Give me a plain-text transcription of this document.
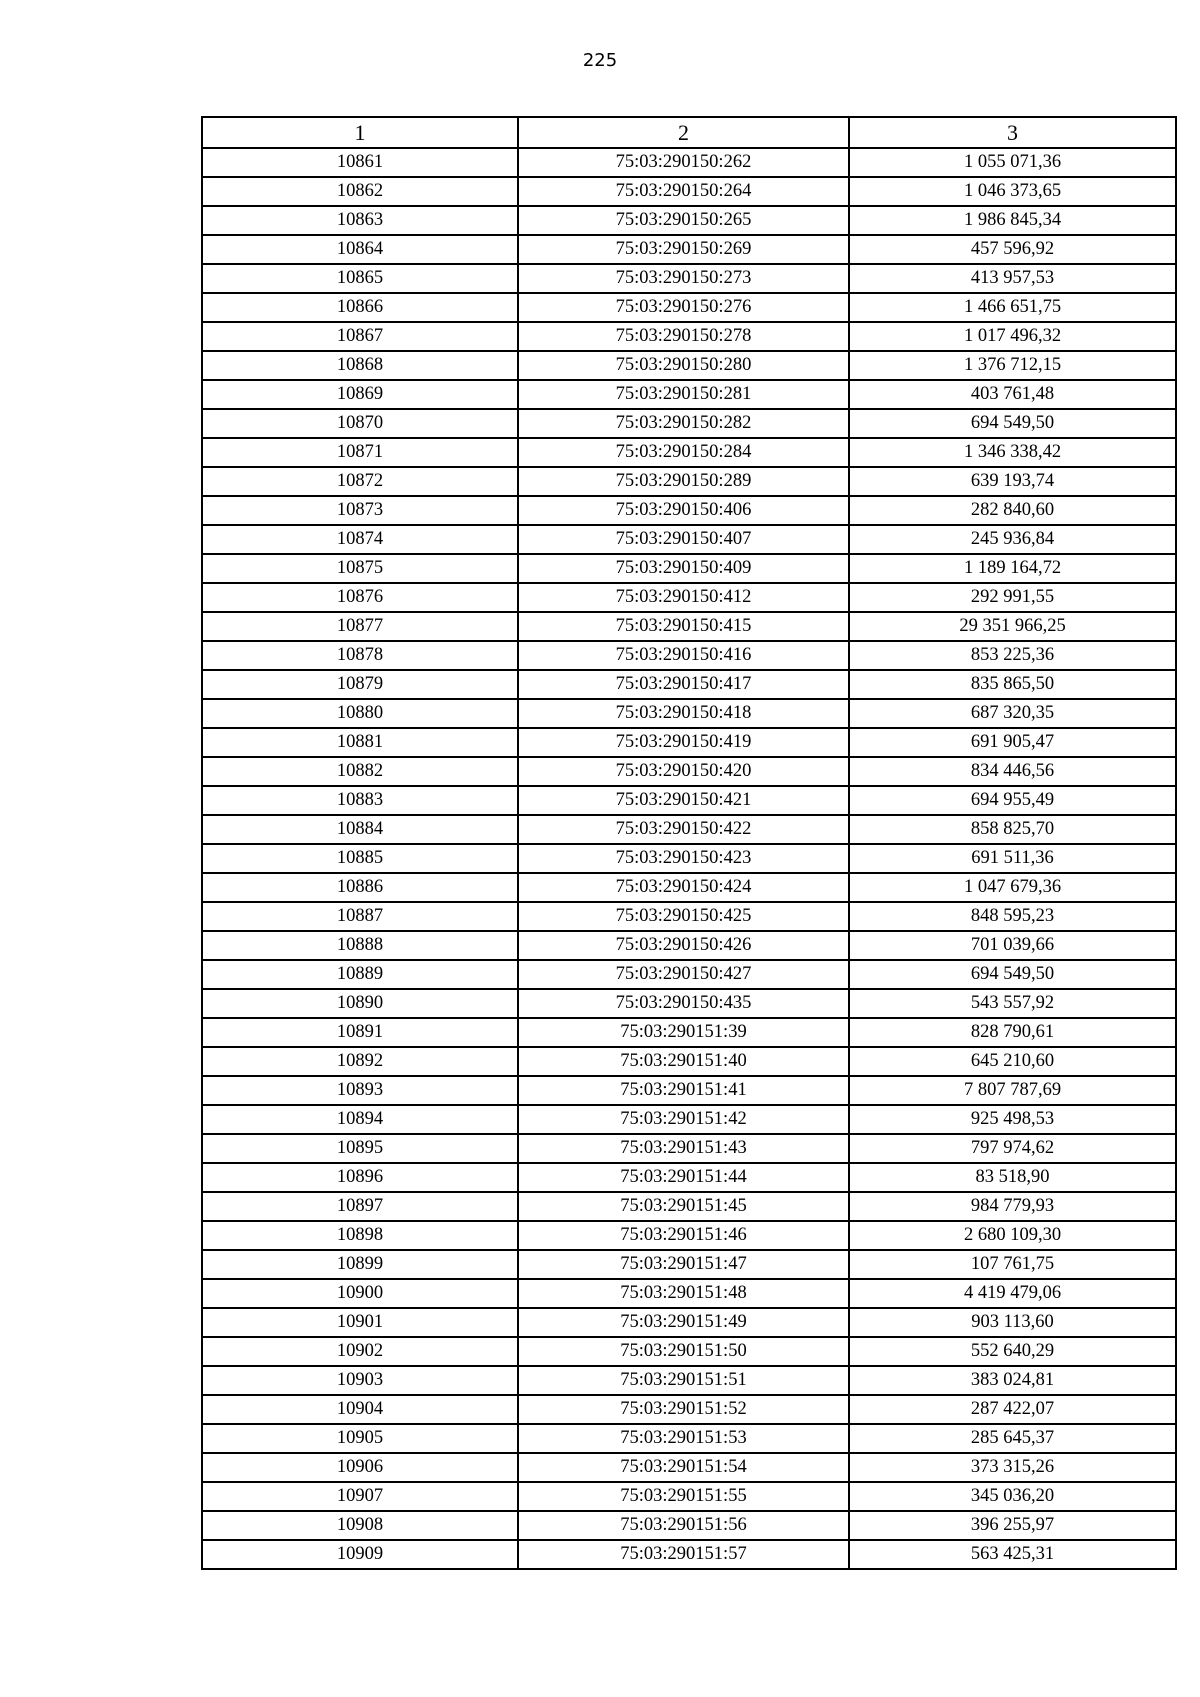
225
1	2	3
10861	75:03:290150:262	1 055 071,36
10862	75:03:290150:264	1 046 373,65
10863	75:03:290150:265	1 986 845,34
10864	75:03:290150:269	457 596,92
10865	75:03:290150:273	413 957,53
10866	75:03:290150:276	1 466 651,75
10867	75:03:290150:278	1 017 496,32
10868	75:03:290150:280	1 376 712,15
10869	75:03:290150:281	403 761,48
10870	75:03:290150:282	694 549,50
10871	75:03:290150:284	1 346 338,42
10872	75:03:290150:289	639 193,74
10873	75:03:290150:406	282 840,60
10874	75:03:290150:407	245 936,84
10875	75:03:290150:409	1 189 164,72
10876	75:03:290150:412	292 991,55
10877	75:03:290150:415	29 351 966,25
10878	75:03:290150:416	853 225,36
10879	75:03:290150:417	835 865,50
10880	75:03:290150:418	687 320,35
10881	75:03:290150:419	691 905,47
10882	75:03:290150:420	834 446,56
10883	75:03:290150:421	694 955,49
10884	75:03:290150:422	858 825,70
10885	75:03:290150:423	691 511,36
10886	75:03:290150:424	1 047 679,36
10887	75:03:290150:425	848 595,23
10888	75:03:290150:426	701 039,66
10889	75:03:290150:427	694 549,50
10890	75:03:290150:435	543 557,92
10891	75:03:290151:39	828 790,61
10892	75:03:290151:40	645 210,60
10893	75:03:290151:41	7 807 787,69
10894	75:03:290151:42	925 498,53
10895	75:03:290151:43	797 974,62
10896	75:03:290151:44	83 518,90
10897	75:03:290151:45	984 779,93
10898	75:03:290151:46	2 680 109,30
10899	75:03:290151:47	107 761,75
10900	75:03:290151:48	4 419 479,06
10901	75:03:290151:49	903 113,60
10902	75:03:290151:50	552 640,29
10903	75:03:290151:51	383 024,81
10904	75:03:290151:52	287 422,07
10905	75:03:290151:53	285 645,37
10906	75:03:290151:54	373 315,26
10907	75:03:290151:55	345 036,20
10908	75:03:290151:56	396 255,97
10909	75:03:290151:57	563 425,31
